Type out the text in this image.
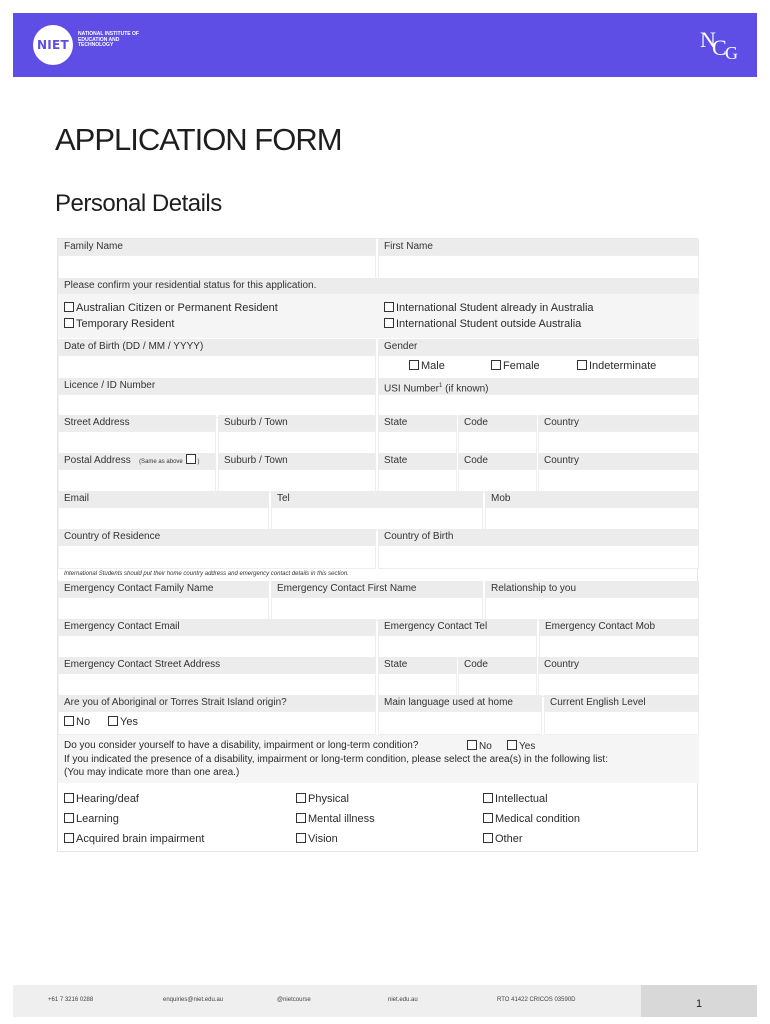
NIET
NATIONAL INSTITUTE OF EDUCATION AND TECHNOLOGY	N
C
G
APPLICATION FORM
Personal Details
Family Name	First Name
Please confirm your residential status for this application.
Australian Citizen or Permanent Resident
Temporary Resident
International Student already in Australia
International Student outside Australia
Date of Birth (DD / MM / YYYY)	Gender
Male	Female	Indeterminate
Licence / ID Number	USI Number$^1$ (if known)
Street Address	Suburb / Town	State	Code	Country
Postal Address (Same as above )	Suburb / Town	State	Code	Country
Email	Tel	Mob
Country of Residence	Country of Birth
International Students should put their home country address and emergency contact details in this section.
Emergency Contact Family Name	Emergency Contact First Name	Relationship to you
Emergency Contact Email	Emergency Contact Tel	Emergency Contact Mob
Emergency Contact Street Address	State	Code	Country
Are you of Aboriginal or Torres Strait Island origin?	Main language used at home	Current English Level
No	Yes
Do you consider yourself to have a disability, impairment or long-term condition?	No	Yes
If you indicated the presence of a disability, impairment or long-term condition, please select the area(s) in the following list:
(You may indicate more than one area.)
Hearing/deaf	Physical	Intellectual
Learning	Mental illness	Medical condition
Acquired brain impairment	Vision	Other
+61 7 3216 0288	enquiries@niet.edu.au	@nietcourse	niet.edu.au	RTO 41422 CRICOS 03590D	1
